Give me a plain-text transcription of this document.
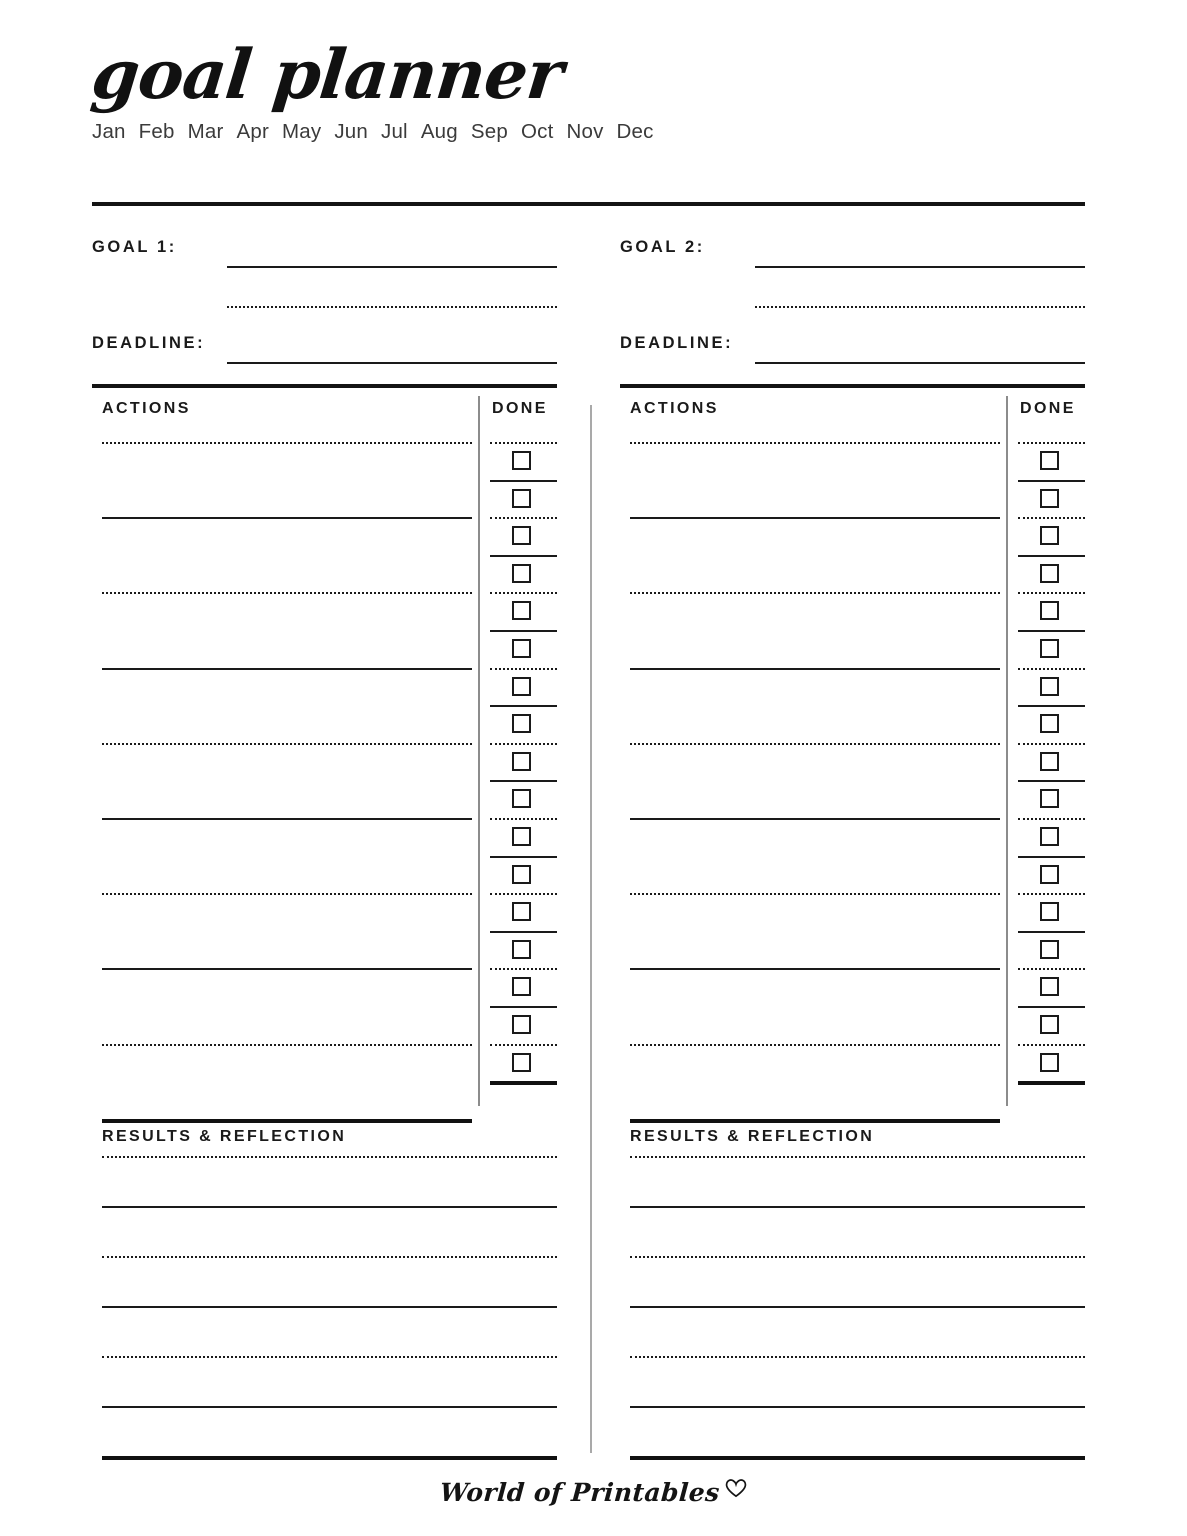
goal planner
Jan Feb Mar Apr May Jun Jul Aug Sep Oct Nov Dec
GOAL 1:
DEADLINE:
ACTIONS	DONE
RESULTS & REFLECTION
GOAL 2:
DEADLINE:
ACTIONS	DONE
RESULTS & REFLECTION
World of Printables
